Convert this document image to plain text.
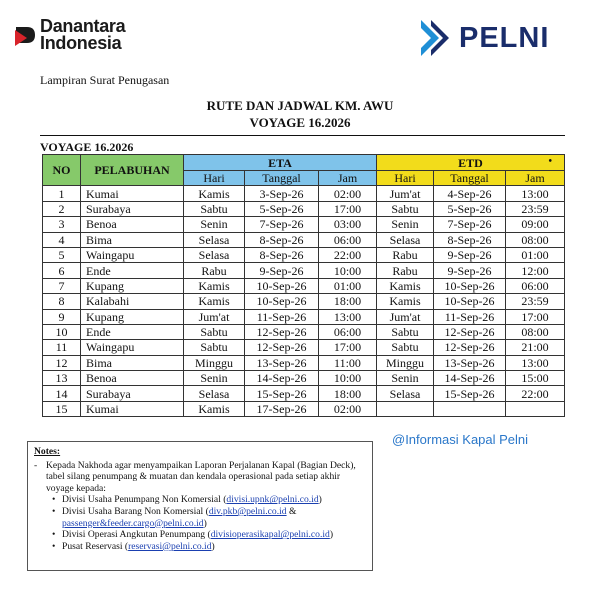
Danantara
Indonesia	PELNI
Lampiran Surat Penugasan
RUTE DAN JADWAL KM. AWU
VOYAGE 16.2026
VOYAGE 16.2026
NO	PELABUHAN	ETA			ETD •		

		Hari	Tanggal	Jam	Hari	Tanggal	Jam
1	Kumai	Kamis	3-Sep-26	02:00	Jum'at	4-Sep-26	13:00
2	Surabaya	Sabtu	5-Sep-26	17:00	Sabtu	5-Sep-26	23:59
3	Benoa	Senin	7-Sep-26	03:00	Senin	7-Sep-26	09:00
4	Bima	Selasa	8-Sep-26	06:00	Selasa	8-Sep-26	08:00
5	Waingapu	Selasa	8-Sep-26	22:00	Rabu	9-Sep-26	01:00
6	Ende	Rabu	9-Sep-26	10:00	Rabu	9-Sep-26	12:00
7	Kupang	Kamis	10-Sep-26	01:00	Kamis	10-Sep-26	06:00
8	Kalabahi	Kamis	10-Sep-26	18:00	Kamis	10-Sep-26	23:59
9	Kupang	Jum'at	11-Sep-26	13:00	Jum'at	11-Sep-26	17:00
10	Ende	Sabtu	12-Sep-26	06:00	Sabtu	12-Sep-26	08:00
11	Waingapu	Sabtu	12-Sep-26	17:00	Sabtu	12-Sep-26	21:00
12	Bima	Minggu	13-Sep-26	11:00	Minggu	13-Sep-26	13:00
13	Benoa	Senin	14-Sep-26	10:00	Senin	14-Sep-26	15:00
14	Surabaya	Selasa	15-Sep-26	18:00	Selasa	15-Sep-26	22:00
15	Kumai	Kamis	17-Sep-26	02:00			
@Informasi Kapal Pelni
Notes:
- Kepada Nakhoda agar menyampaikan Laporan Perjalanan Kapal (Bagian Deck), tabel silang penumpang & muatan dan kendala operasional pada setiap akhir voyage kepada:
• Divisi Usaha Penumpang Non Komersial (divisi.upnk@pelni.co.id)
• Divisi Usaha Barang Non Komersial (div.pkb@pelni.co.id &
passenger&feeder.cargo@pelni.co.id)
• Divisi Operasi Angkutan Penumpang (divisioperasikapal@pelni.co.id)
• Pusat Reservasi (reservasi@pelni.co.id)
